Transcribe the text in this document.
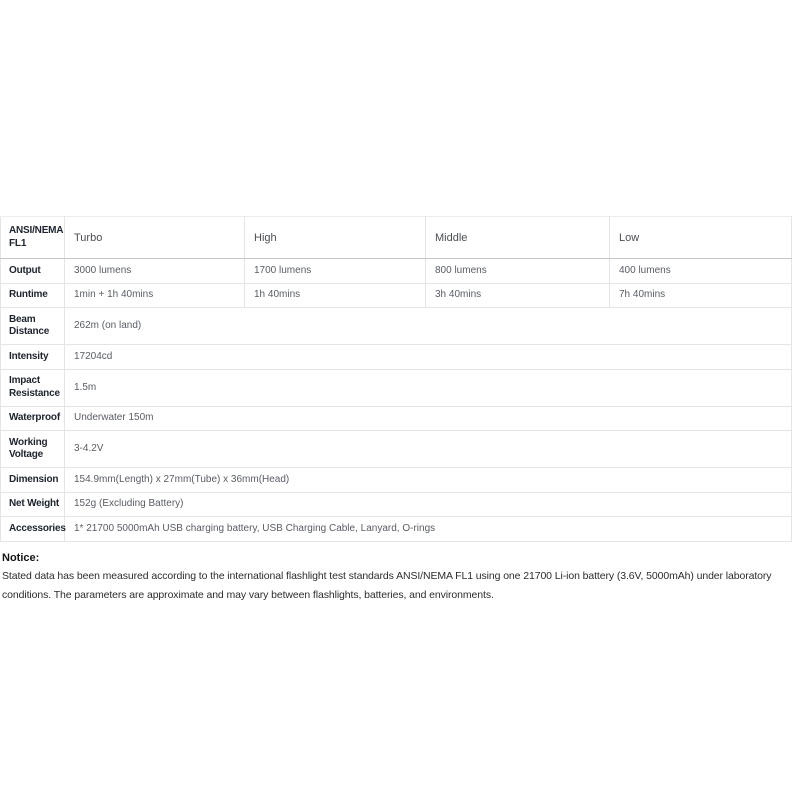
ANSI/NEMA FL1	Turbo	High	Middle	Low
Output	3000 lumens	1700 lumens	800 lumens	400 lumens
Runtime	1min + 1h 40mins	1h 40mins	3h 40mins	7h 40mins
Beam Distance	262m (on land)			
Intensity	17204cd			
Impact Resistance	1.5m			
Waterproof	Underwater 150m			
Working Voltage	3-4.2V			
Dimension	154.9mm(Length) x 27mm(Tube) x 36mm(Head)			
Net Weight	152g (Excluding Battery)			
Accessories	1* 21700 5000mAh USB charging battery, USB Charging Cable, Lanyard, O-rings			

Notice:

Stated data has been measured according to the international flashlight test standards ANSI/NEMA FL1 using one 21700 Li-ion battery (3.6V, 5000mAh) under laboratory conditions. The parameters are approximate and may vary between flashlights, batteries, and environments.
